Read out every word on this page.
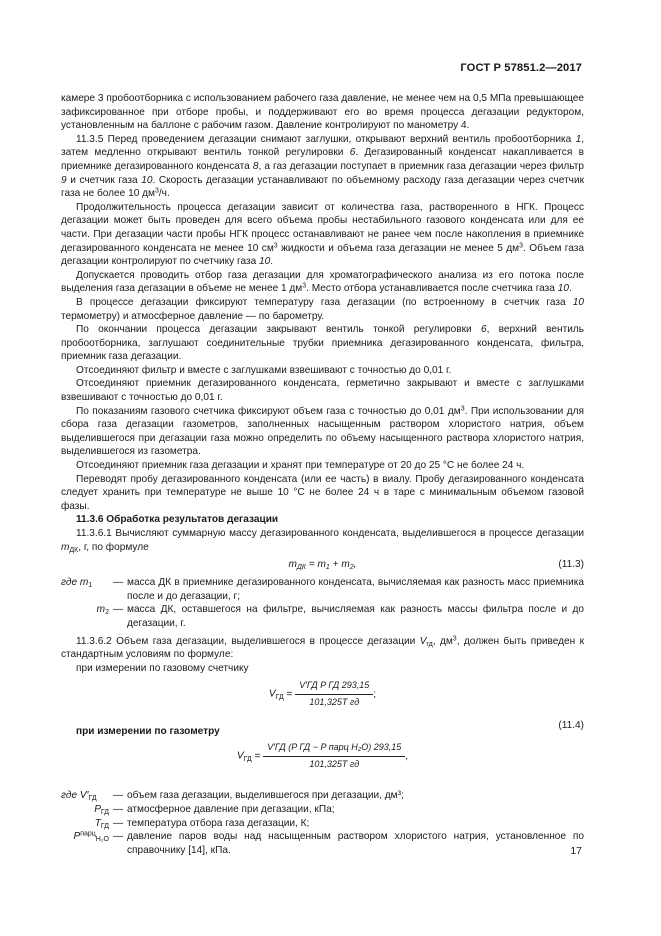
ГОСТ Р 57851.2—2017

камере 3 пробоотборника с использованием рабочего газа давление, не менее чем на 0,5 МПа превышающее зафиксированное при отборе пробы, и поддерживают его во время процесса дегазации редуктором, установленным на баллоне с рабочим газом. Давление контролируют по манометру 4.

11.3.5 Перед проведением дегазации снимают заглушки, открывают верхний вентиль пробоотборника 1, затем медленно открывают вентиль тонкой регулировки 6. Дегазированный конденсат накапливается в приемнике дегазированного конденсата 8, а газ дегазации поступает в приемник газа дегазации через фильтр 9 и счетчик газа 10. Скорость дегазации устанавливают по объемному расходу газа дегазации через счетчик газа не более 10 $дм^3/ч$.

Продолжительность процесса дегазации зависит от количества газа, растворенного в НГК. Процесс дегазации может быть проведен для всего объема пробы нестабильного газового конденсата или для ее части. При дегазации части пробы НГК процесс останавливают не ранее чем после накопления в приемнике дегазированного конденсата не менее 10 $см^3$ жидкости и объема газа дегазации не менее 5 $дм^3$. Объем газа дегазации контролируют по счетчику газа 10.

Допускается проводить отбор газа дегазации для хроматографического анализа из его потока после выделения газа дегазации в объеме не менее 1 $дм^3$. Место отбора устанавливается после счетчика газа 10.

В процессе дегазации фиксируют температуру газа дегазации (по встроенному в счетчик газа 10 термометру) и атмосферное давление — по барометру.

По окончании процесса дегазации закрывают вентиль тонкой регулировки 6, верхний вентиль пробоотборника, заглушают соединительные трубки приемника дегазированного конденсата, фильтра, приемник газа дегазации.

Отсоединяют фильтр и вместе с заглушками взвешивают с точностью до 0,01 г.

Отсоединяют приемник дегазированного конденсата, герметично закрывают и вместе с заглушками взвешивают с точностью до 0,01 г.

По показаниям газового счетчика фиксируют объем газа с точностью до 0,01 $дм^3$. При использовании для сбора газа дегазации газометров, заполненных насыщенным раствором хлористого натрия, объем выделившегося при дегазации газа можно определить по объему насыщенного раствора хлористого натрия, выделившегося из газометра.

Отсоединяют приемник газа дегазации и хранят при температуре от 20 до 25 °С не более 24 ч.

Переводят пробу дегазированного конденсата (или ее часть) в виалу. Пробу дегазированного конденсата следует хранить при температуре не выше 10 °С не более 24 ч в таре с минимальным объемом газовой фазы.

11.3.6 Обработка результатов дегазации

11.3.6.1 Вычисляют суммарную массу дегазированного конденсата, выделившегося в процессе дегазации $m_{ДК}$, г, по формуле

$m_{ДК} = m_1 + m_2$,	(11.3)
где $m_1$	— масса ДК в приемнике дегазированного конденсата, вычисляемая как разность масс приемника после и до дегазации, г;
$m_2$ — масса ДК, оставшегося на фильтре, вычисляемая как разность массы фильтра после и до дегазации, г.

11.3.6.2 Объем газа дегазации, выделившегося в процессе дегазации $V_{гд}$, $дм^3$, должен быть приведен к стандартным условиям по формуле:

при измерении по газовому счетчику

$V_{ГД} = \frac{\text{V′ГД P ГД 293,15}}{\text{101,325T гд}}$ ;
при измерении по газометру
(11.4)
$V_{ГД} = \frac{\text{V′ГД (P ГД − P парц H₂O) 293,15}}{\text{101,325T гд}}$ ,
где $V'_{ГД}$	— объем газа дегазации, выделившегося при дегазации, дм³;
$P_{ГД}$ — атмосферное давление при дегазации, кПа;
$T_{ГД}$ — температура отбора газа дегазации, К;
$P^{парц}_{H_2O}$ — давление паров воды над насыщенным раствором хлористого натрия, установленное по справочнику [14], кПа.	17
